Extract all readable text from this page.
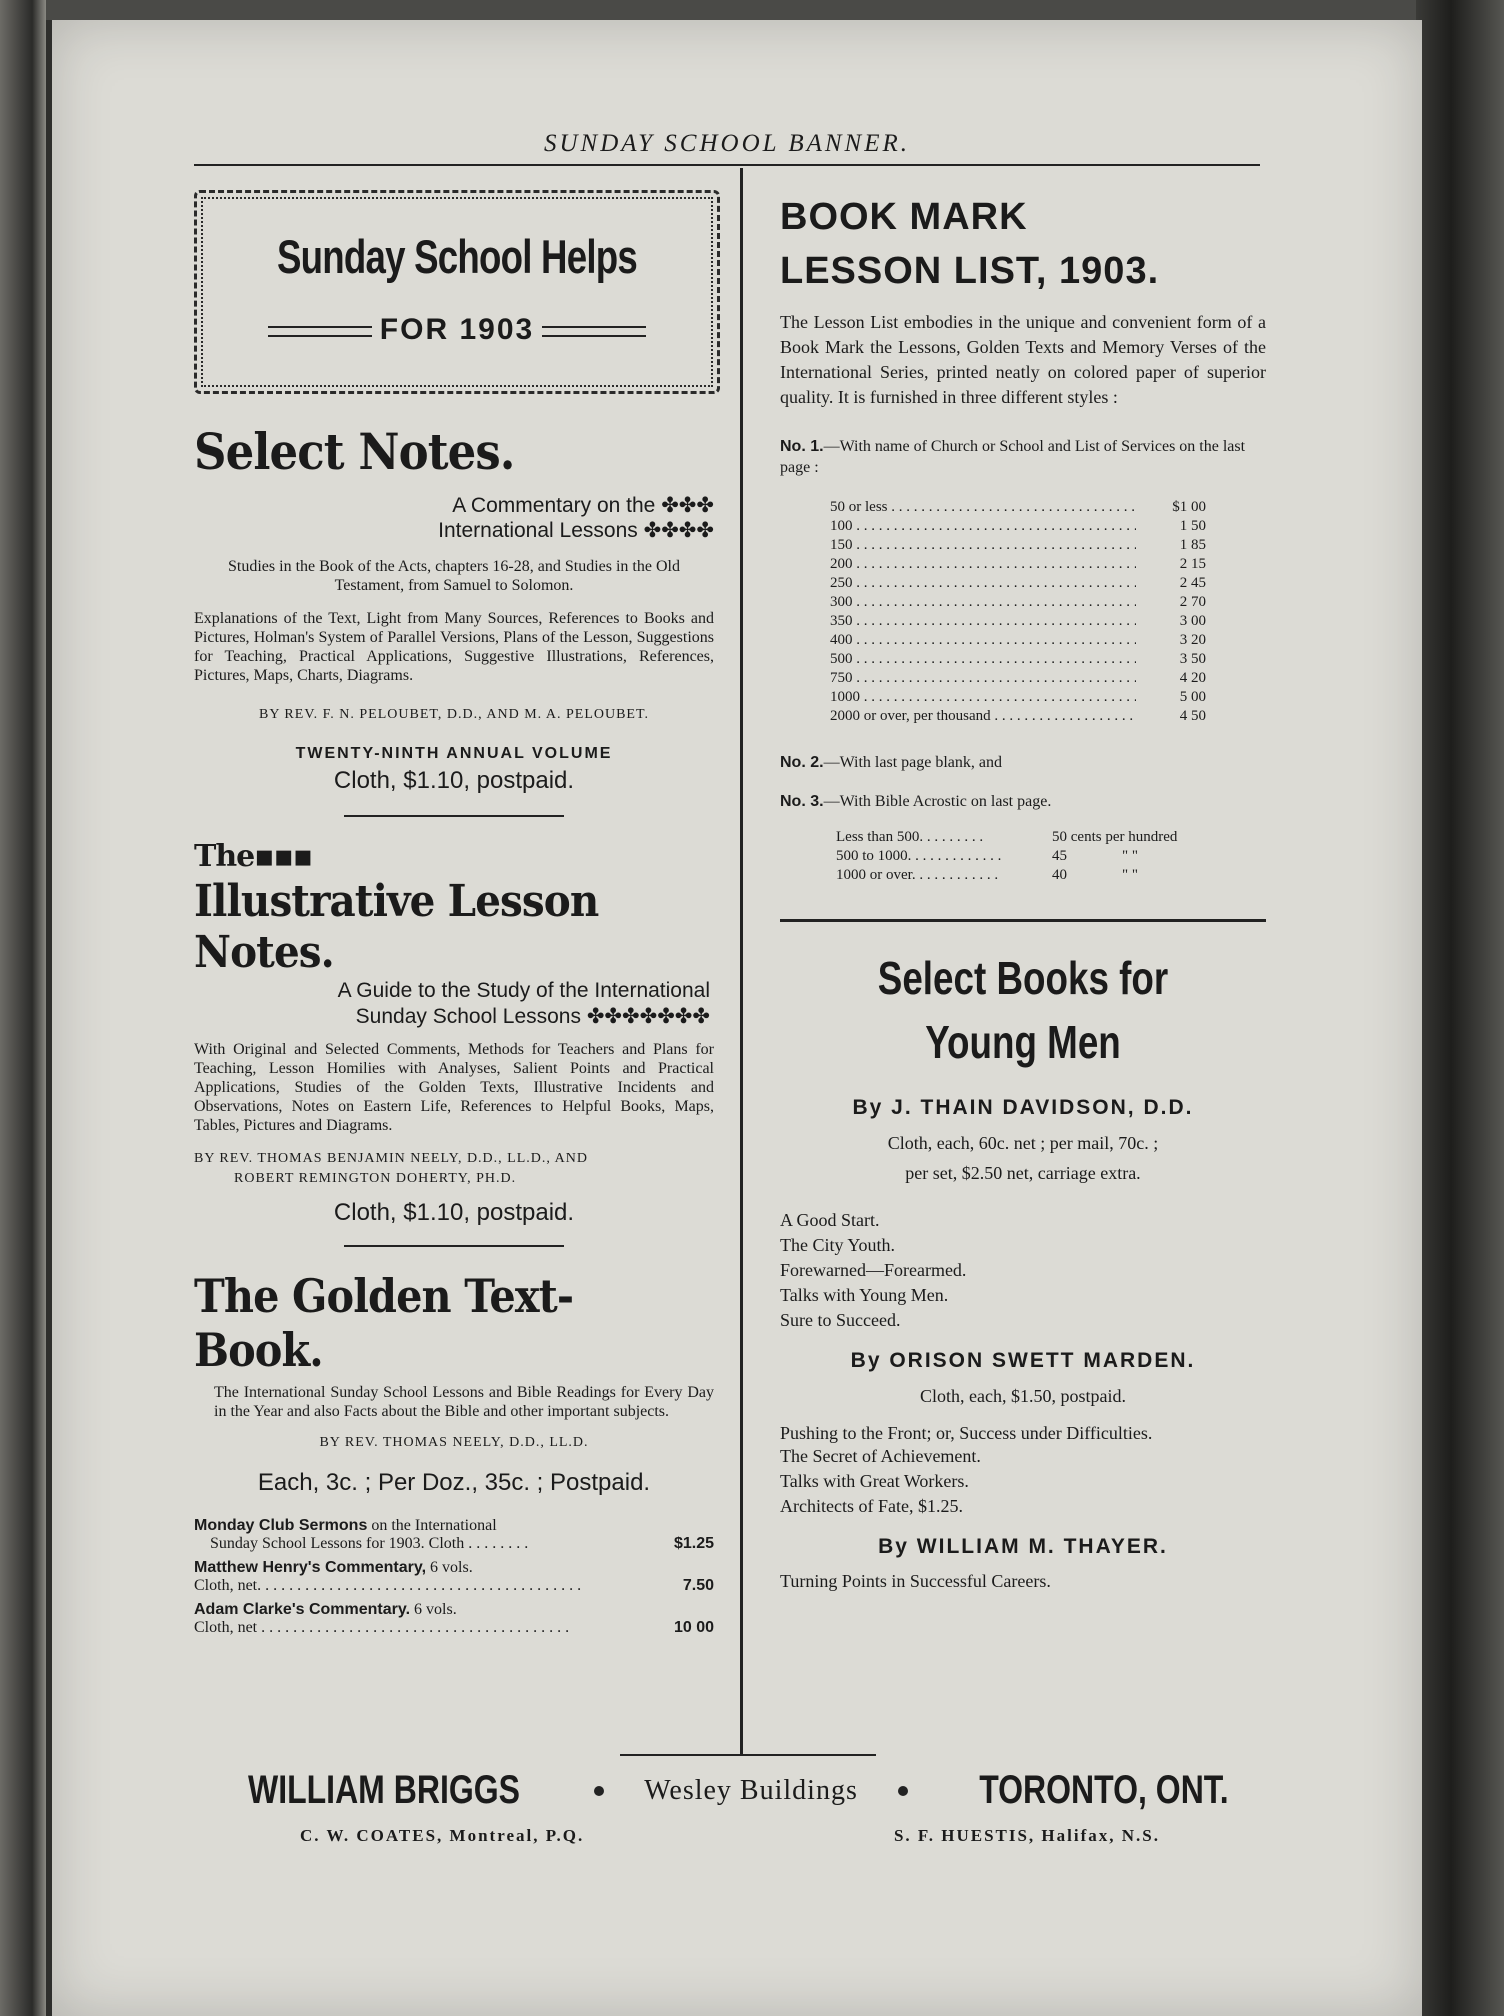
SUNDAY SCHOOL BANNER.
Sunday School Helps
FOR 1903
Select Notes.
A Commentary on the ✤✤✤
International Lessons ✤✤✤✤
Studies in the Book of the Acts, chapters 16-28, and Studies in the Old Testament, from Samuel to Solomon.
Explanations of the Text, Light from Many Sources, References to Books and Pictures, Holman's System of Parallel Versions, Plans of the Lesson, Suggestions for Teaching, Practical Applications, Suggestive Illustrations, References, Pictures, Maps, Charts, Diagrams.
BY REV. F. N. PELOUBET, D.D., AND M. A. PELOUBET.
TWENTY-NINTH ANNUAL VOLUME
Cloth, $1.10, postpaid.
The▪▪▪
Illustrative Lesson Notes.
A Guide to the Study of the International
Sunday School Lessons ✤✤✤✤✤✤✤
With Original and Selected Comments, Methods for Teachers and Plans for Teaching, Lesson Homilies with Analyses, Salient Points and Practical Applications, Studies of the Golden Texts, Illustrative Incidents and Observations, Notes on Eastern Life, References to Helpful Books, Maps, Tables, Pictures and Diagrams.
BY REV. THOMAS BENJAMIN NEELY, D.D., LL.D., AND
ROBERT REMINGTON DOHERTY, PH.D.
Cloth, $1.10, postpaid.
The Golden Text-Book.
The International Sunday School Lessons and Bible Readings for Every Day in the Year and also Facts about the Bible and other important subjects.
BY REV. THOMAS NEELY, D.D., LL.D.
Each, 3c. ; Per Doz., 35c. ; Postpaid.
Monday Club Sermons on the International
Sunday School Lessons for 1903. Cloth . . . . . . . .	$1.25
Matthew Henry's Commentary, 6 vols.
Cloth, net. . . . . . . . . . . . . . . . . . . . . . . . . . . . . . . . . . . . . . . . .	7.50
Adam Clarke's Commentary. 6 vols.
Cloth, net . . . . . . . . . . . . . . . . . . . . . . . . . . . . . . . . . . . . . . .	10 00
BOOK MARK
LESSON LIST, 1903.
The Lesson List embodies in the unique and convenient form of a Book Mark the Lessons, Golden Texts and Memory Verses of the International Series, printed neatly on colored paper of superior quality. It is furnished in three different styles :
No. 1.—With name of Church or School and List of Services on the last page :
50 or less . . .	$1 00
100 . . .	1 50
150 . . .	1 85
200 . . .	2 15
250 . . .	2 45
300 . . .	2 70
350 . . .	3 00
400 . . .	3 20
500 . . .	3 50
750 . . .	4 20
1000 . . .	5 00
2000 or over, per thousand . . .	4 50
No. 2.—With last page blank, and
No. 3.—With Bible Acrostic on last page.
Less than 500. . . . . . . . .	50 cents per hundred
500 to 1000. . . . . . . . . . . . .	45	" "
1000 or over. . . . . . . . . . . .	40	" "
Select Books for Young Men
By J. THAIN DAVIDSON, D.D.
Cloth, each, 60c. net ; per mail, 70c. ;
per set, $2.50 net, carriage extra.
A Good Start.
The City Youth.
Forewarned—Forearmed.
Talks with Young Men.
Sure to Succeed.
By ORISON SWETT MARDEN.
Cloth, each, $1.50, postpaid.
Pushing to the Front; or, Success under Difficulties.
The Secret of Achievement.
Talks with Great Workers.
Architects of Fate, $1.25.
By WILLIAM M. THAYER.
Turning Points in Successful Careers.
WILLIAM BRIGGS	Wesley Buildings	TORONTO, ONT.
C. W. COATES, Montreal, P.Q.	S. F. HUESTIS, Halifax, N.S.
